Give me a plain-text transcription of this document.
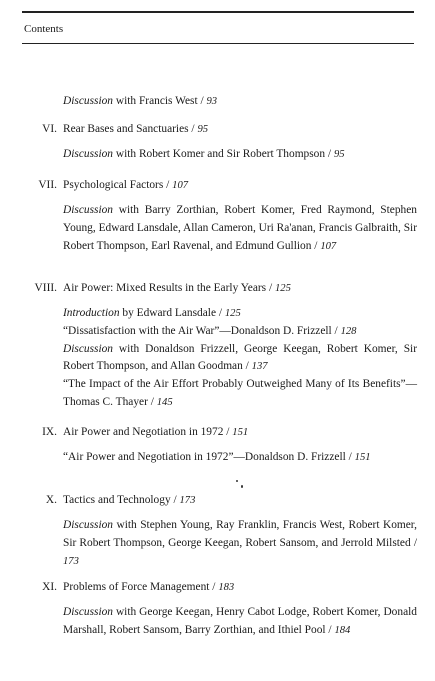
Contents
Discussion with Francis West / 93
VI. Rear Bases and Sanctuaries / 95
Discussion with Robert Komer and Sir Robert Thompson / 95
VII. Psychological Factors / 107
Discussion with Barry Zorthian, Robert Komer, Fred Raymond, Stephen Young, Edward Lansdale, Allan Cameron, Uri Ra'anan, Francis Galbraith, Sir Robert Thompson, Earl Ravenal, and Edmund Gullion / 107
VIII. Air Power: Mixed Results in the Early Years / 125

Introduction by Edward Lansdale / 125

“Dissatisfaction with the Air War”—Donaldson D. Frizzell / 128

Discussion with Donaldson Frizzell, George Keegan, Robert Komer, Sir Robert Thompson, and Allan Goodman / 137

“The Impact of the Air Effort Probably Outweighed Many of Its Benefits”—Thomas C. Thayer / 145

IX. Air Power and Negotiation in 1972 / 151
“Air Power and Negotiation in 1972”—Donaldson D. Frizzell / 151
X. Tactics and Technology / 173
Discussion with Stephen Young, Ray Franklin, Francis West, Robert Komer, Sir Robert Thompson, George Keegan, Robert Sansom, and Jerrold Milsted / 173
XI. Problems of Force Management / 183
Discussion with George Keegan, Henry Cabot Lodge, Robert Komer, Donald Marshall, Robert Sansom, Barry Zorthian, and Ithiel Pool / 184
